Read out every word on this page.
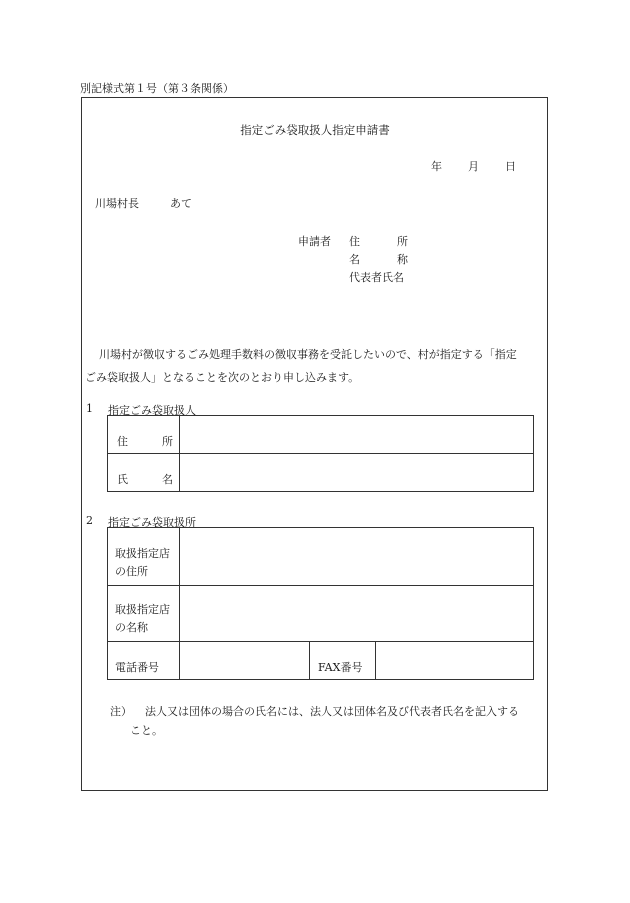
別記様式第１号（第３条関係）
指定ごみ袋取扱人指定申請書
年 月 日
川場村長	あて
申請者 住	所
名	称
代表者氏名
川場村が徴収するごみ処理手数料の徴収事務を受託したいので、村が指定する「指定
ごみ袋取扱人」となることを次のとおり申し込みます。
1 指定ごみ袋取扱人
住 所	

氏 名	

2 指定ごみ袋取扱所
取扱指定店
の住所			

取扱指定店
の名称			

電話番号		FAX番号	

注） 法人又は団体の場合の氏名には、法人又は団体名及び代表者氏名を記入する
こと。
